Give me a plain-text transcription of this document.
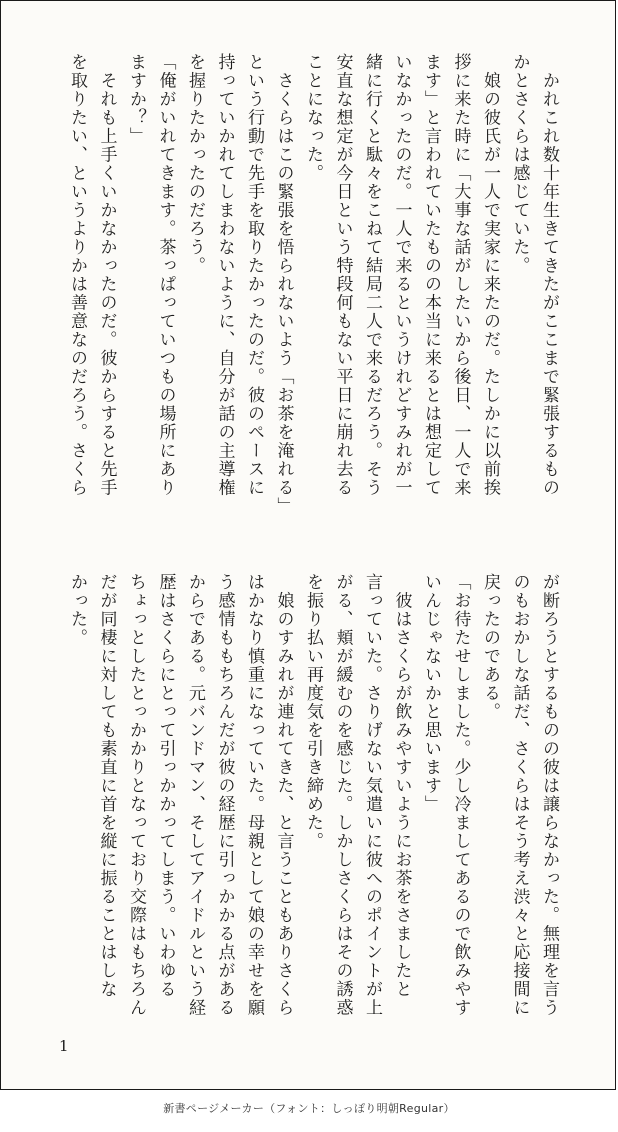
　かれこれ数十年生きてきたがここまで緊張するもの
かとさくらは感じていた。
　娘の彼氏が一人で実家に来たのだ。たしかに以前挨
拶に来た時に「大事な話がしたいから後日、一人で来
ます」と言われていたものの本当に来るとは想定して
いなかったのだ。一人で来るというけれどすみれが一
緒に行くと駄々をこねて結局二人で来るだろう。そう
安直な想定が今日という特段何もない平日に崩れ去る
ことになった。
　さくらはこの緊張を悟られないよう「お茶を淹れる」
という行動で先手を取りたかったのだ。彼のペースに
持っていかれてしまわないように、自分が話の主導権
を握りたかったのだろう。
「俺がいれてきます。茶っぱっていつもの場所にあり
ますか？」
　それも上手くいかなかったのだ。彼からすると先手
を取りたい、というよりかは善意なのだろう。さくら
が断ろうとするものの彼は譲らなかった。無理を言う
のもおかしな話だ、さくらはそう考え渋々と応接間に
戻ったのである。
「お待たせしました。少し冷ましてあるので飲みやす
いんじゃないかと思います」
　彼はさくらが飲みやすいようにお茶をさましたと
言っていた。さりげない気遣いに彼へのポイントが上
がる、頬が緩むのを感じた。しかしさくらはその誘惑
を振り払い再度気を引き締めた。
　娘のすみれが連れてきた、と言うこともありさくら
はかなり慎重になっていた。母親として娘の幸せを願
う感情ももちろんだが彼の経歴に引っかかる点がある
からである。元バンドマン、そしてアイドルという経
歴はさくらにとって引っかかってしまう。いわゆる
ちょっとしたとっかかりとなっており交際はもちろん
だが同棲に対しても素直に首を縦に振ることはしな
かった。
1
新書ページメーカー（フォント：しっぽり明朝Regular）
